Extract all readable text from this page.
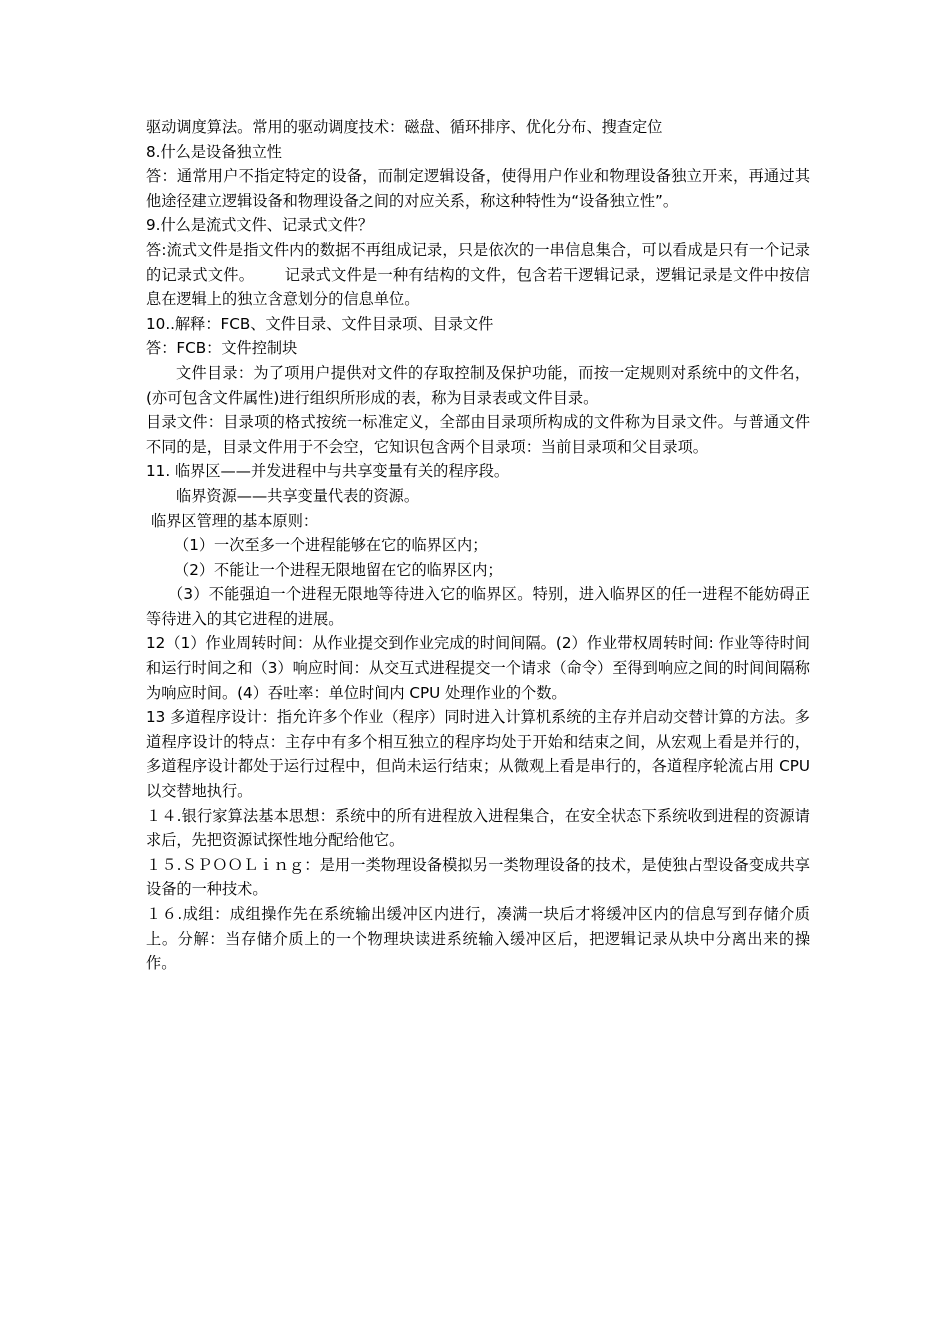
驱动调度算法。常用的驱动调度技术：磁盘、循环排序、优化分布、搜查定位

8.什么是设备独立性

答：通常用户不指定特定的设备，而制定逻辑设备，使得用户作业和物理设备独立开来，再通过其他途径建立逻辑设备和物理设备之间的对应关系，称这种特性为“设备独立性”。

9.什么是流式文件、记录式文件？

答:流式文件是指文件内的数据不再组成记录，只是依次的一串信息集合，可以看成是只有一个记录的记录式文件。      记录式文件是一种有结构的文件，包含若干逻辑记录，逻辑记录是文件中按信息在逻辑上的独立含意划分的信息单位。

10..解释：FCB、文件目录、文件目录项、目录文件

答：FCB：文件控制块

文件目录：为了项用户提供对文件的存取控制及保护功能，而按一定规则对系统中的文件名，(亦可包含文件属性)进行组织所形成的表，称为目录表或文件目录。

目录文件：目录项的格式按统一标准定义，全部由目录项所构成的文件称为目录文件。与普通文件不同的是，目录文件用于不会空，它知识包含两个目录项：当前目录项和父目录项。

11. 临界区——并发进程中与共享变量有关的程序段。

临界资源——共享变量代表的资源。

临界区管理的基本原则：

（1）一次至多一个进程能够在它的临界区内；

（2）不能让一个进程无限地留在它的临界区内；

（3）不能强迫一个进程无限地等待进入它的临界区。特别，进入临界区的任一进程不能妨碍正等待进入的其它进程的进展。

12（1）作业周转时间：从作业提交到作业完成的时间间隔。(2）作业带权周转时间: 作业等待时间和运行时间之和（3）响应时间：从交互式进程提交一个请求（命令）至得到响应之间的时间间隔称为响应时间。(4）吞吐率：单位时间内 CPU 处理作业的个数。

13 多道程序设计：指允许多个作业（程序）同时进入计算机系统的主存并启动交替计算的方法。多道程序设计的特点：主存中有多个相互独立的程序均处于开始和结束之间，从宏观上看是并行的，多道程序设计都处于运行过程中，但尚未运行结束；从微观上看是串行的，各道程序轮流占用 CPU 以交替地执行。

１４.银行家算法基本思想：系统中的所有进程放入进程集合，在安全状态下系统收到进程的资源请求后，先把资源试探性地分配给他它。

１５.ＳＰＯＯＬｉｎｇ：是用一类物理设备模拟另一类物理设备的技术，是使独占型设备变成共享设备的一种技术。

１６.成组：成组操作先在系统输出缓冲区内进行，凑满一块后才将缓冲区内的信息写到存储介质上。分解：当存储介质上的一个物理块读进系统输入缓冲区后，把逻辑记录从块中分离出来的操作。
